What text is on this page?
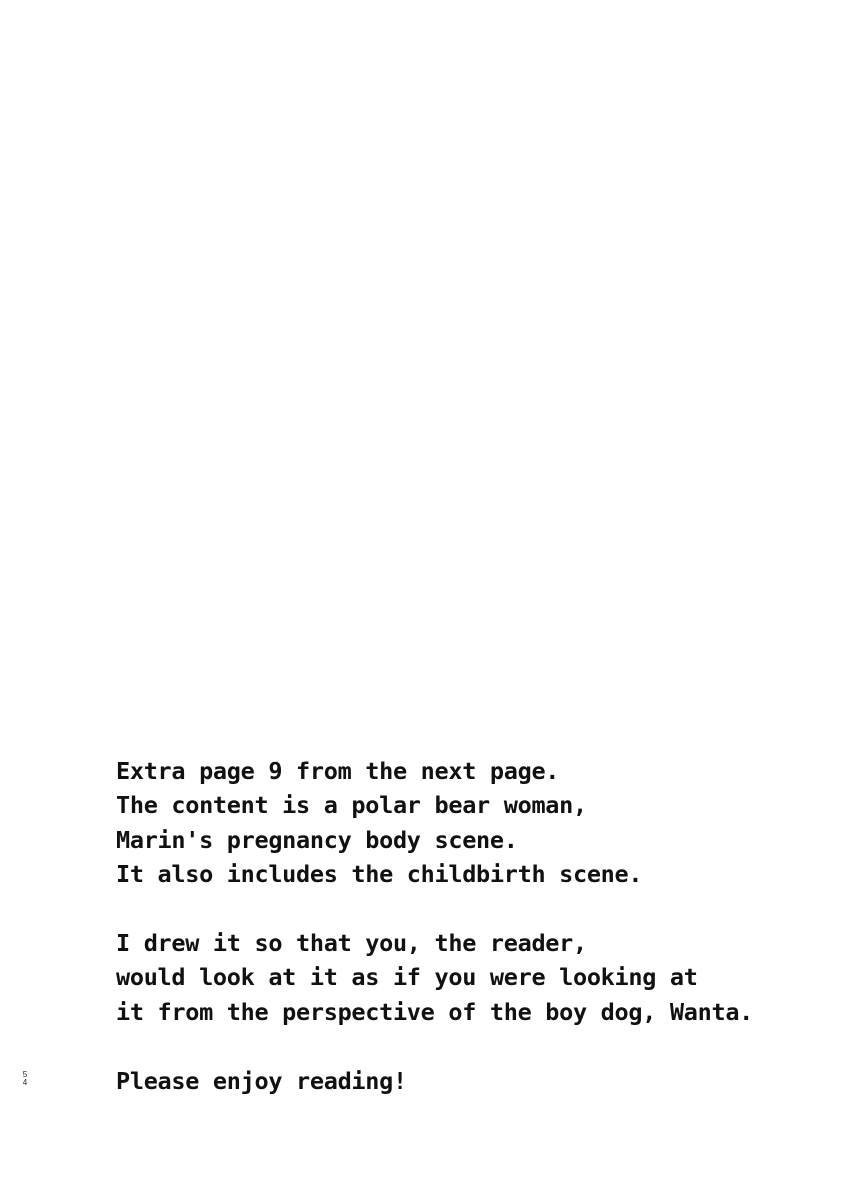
Extra page 9 from the next page.
The content is a polar bear woman,
Marin's pregnancy body scene.
It also includes the childbirth scene.
I drew it so that you, the reader,
would look at it as if you were looking at
it from the perspective of the boy dog, Wanta.
Please enjoy reading!
5
4
